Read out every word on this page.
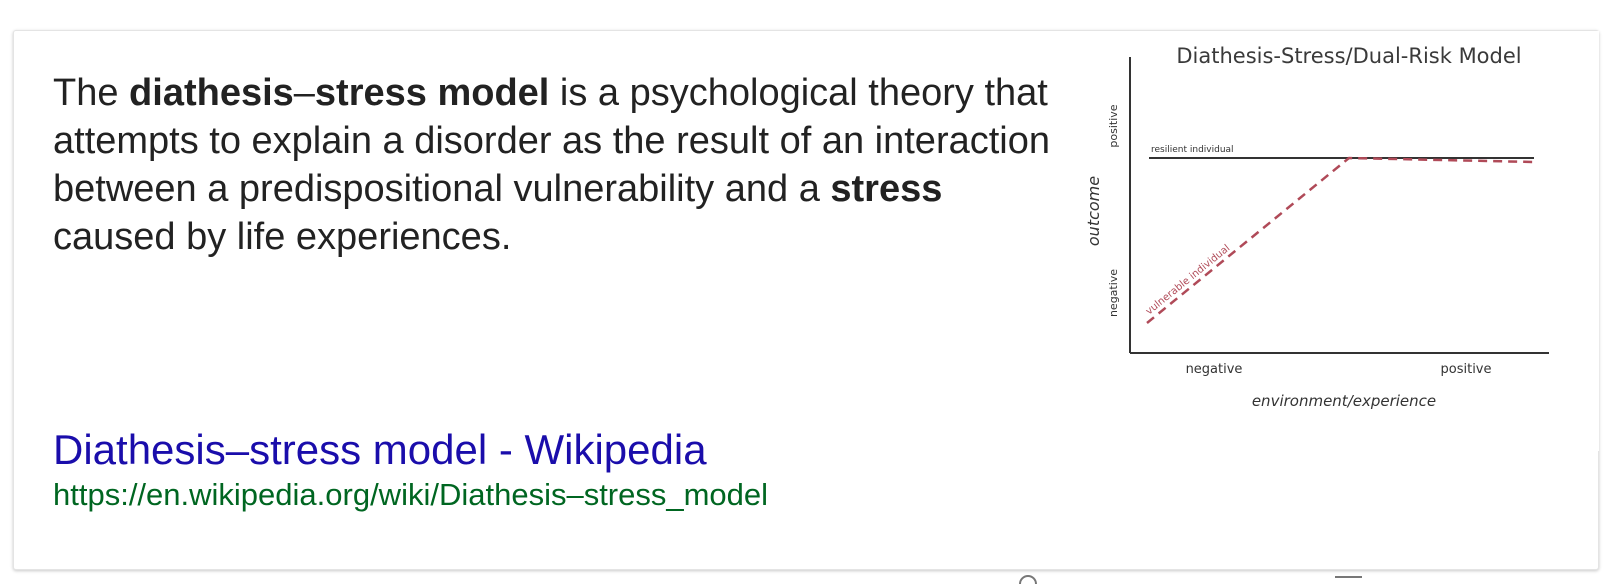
The diathesis–stress model is a psychological theory that attempts to explain a disorder as the result of an interaction between a predispositional vulnerability and a stress caused by life experiences.
Diathesis-Stress/Dual-Risk Model
positive
negative
outcome
negative	positive
environment/experience
resilient individual
vulnerable individual
Diathesis–stress model - Wikipedia
https://en.wikipedia.org/wiki/Diathesis–stress_model
